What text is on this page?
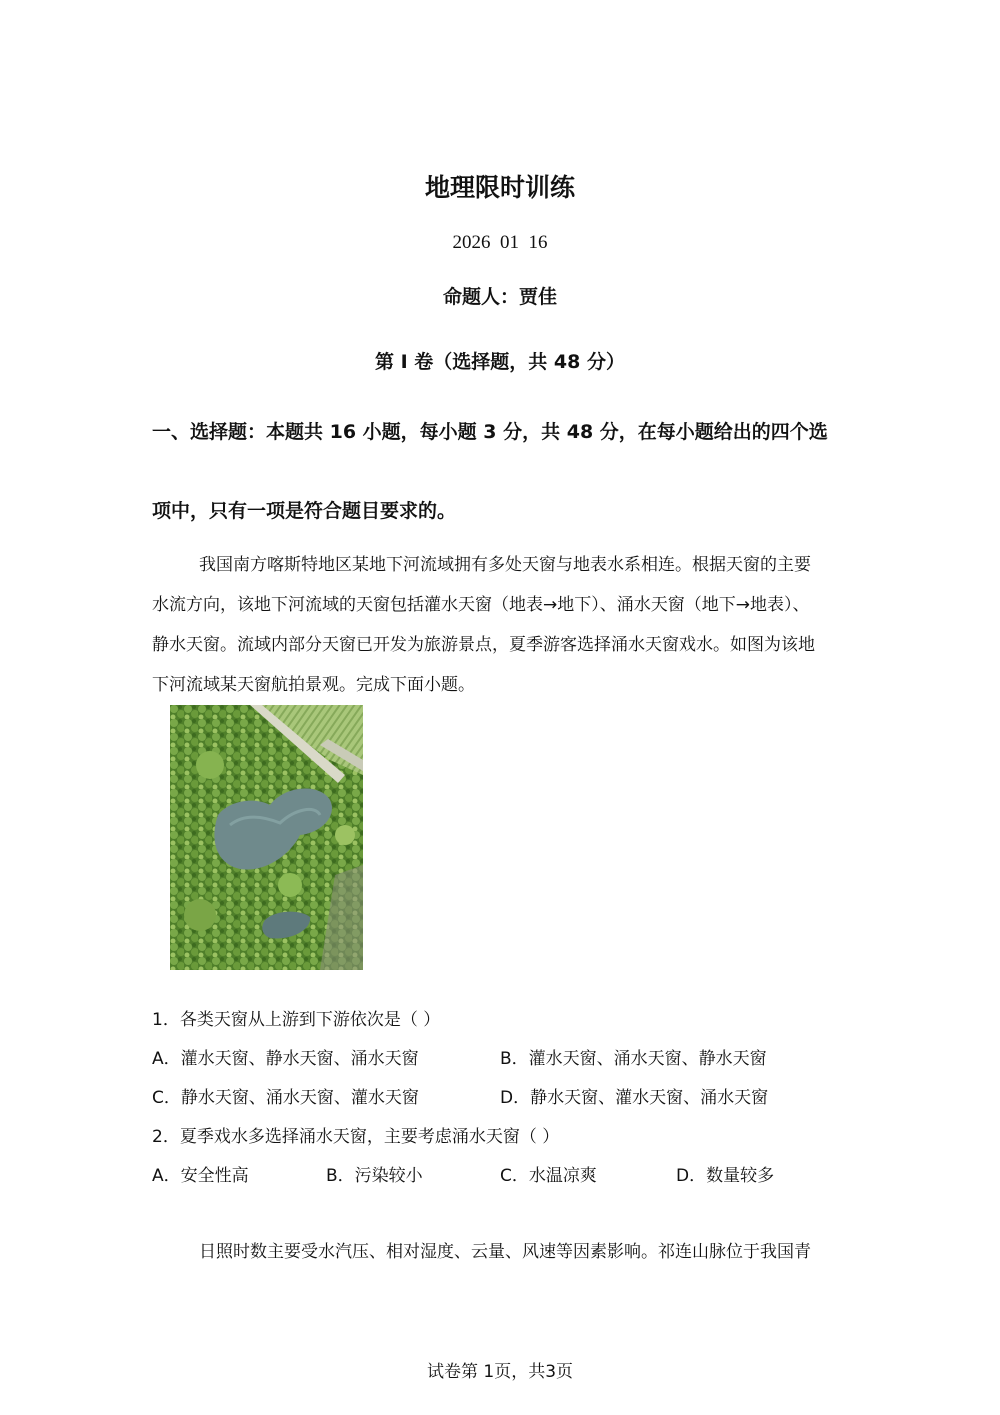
地理限时训练
2026  01  16
命题人：贾佳
第 I 卷（选择题，共 48 分）
一、选择题：本题共 16 小题，每小题 3 分，共 48 分，在每小题给出的四个选
项中，只有一项是符合题目要求的。
我国南方喀斯特地区某地下河流域拥有多处天窗与地表水系相连。根据天窗的主要
水流方向，该地下河流域的天窗包括灌水天窗（地表→地下）、涌水天窗（地下→地表）、
静水天窗。流域内部分天窗已开发为旅游景点，夏季游客选择涌水天窗戏水。如图为该地
下河流域某天窗航拍景观。完成下面小题。
1．各类天窗从上游到下游依次是（ ）
A．灌水天窗、静水天窗、涌水天窗	B．灌水天窗、涌水天窗、静水天窗
C．静水天窗、涌水天窗、灌水天窗	D．静水天窗、灌水天窗、涌水天窗
2．夏季戏水多选择涌水天窗，主要考虑涌水天窗（ ）
A．安全性高	B．污染较小	C．水温凉爽	D．数量较多
日照时数主要受水汽压、相对湿度、云量、风速等因素影响。祁连山脉位于我国青
试卷第 1页，共3页
